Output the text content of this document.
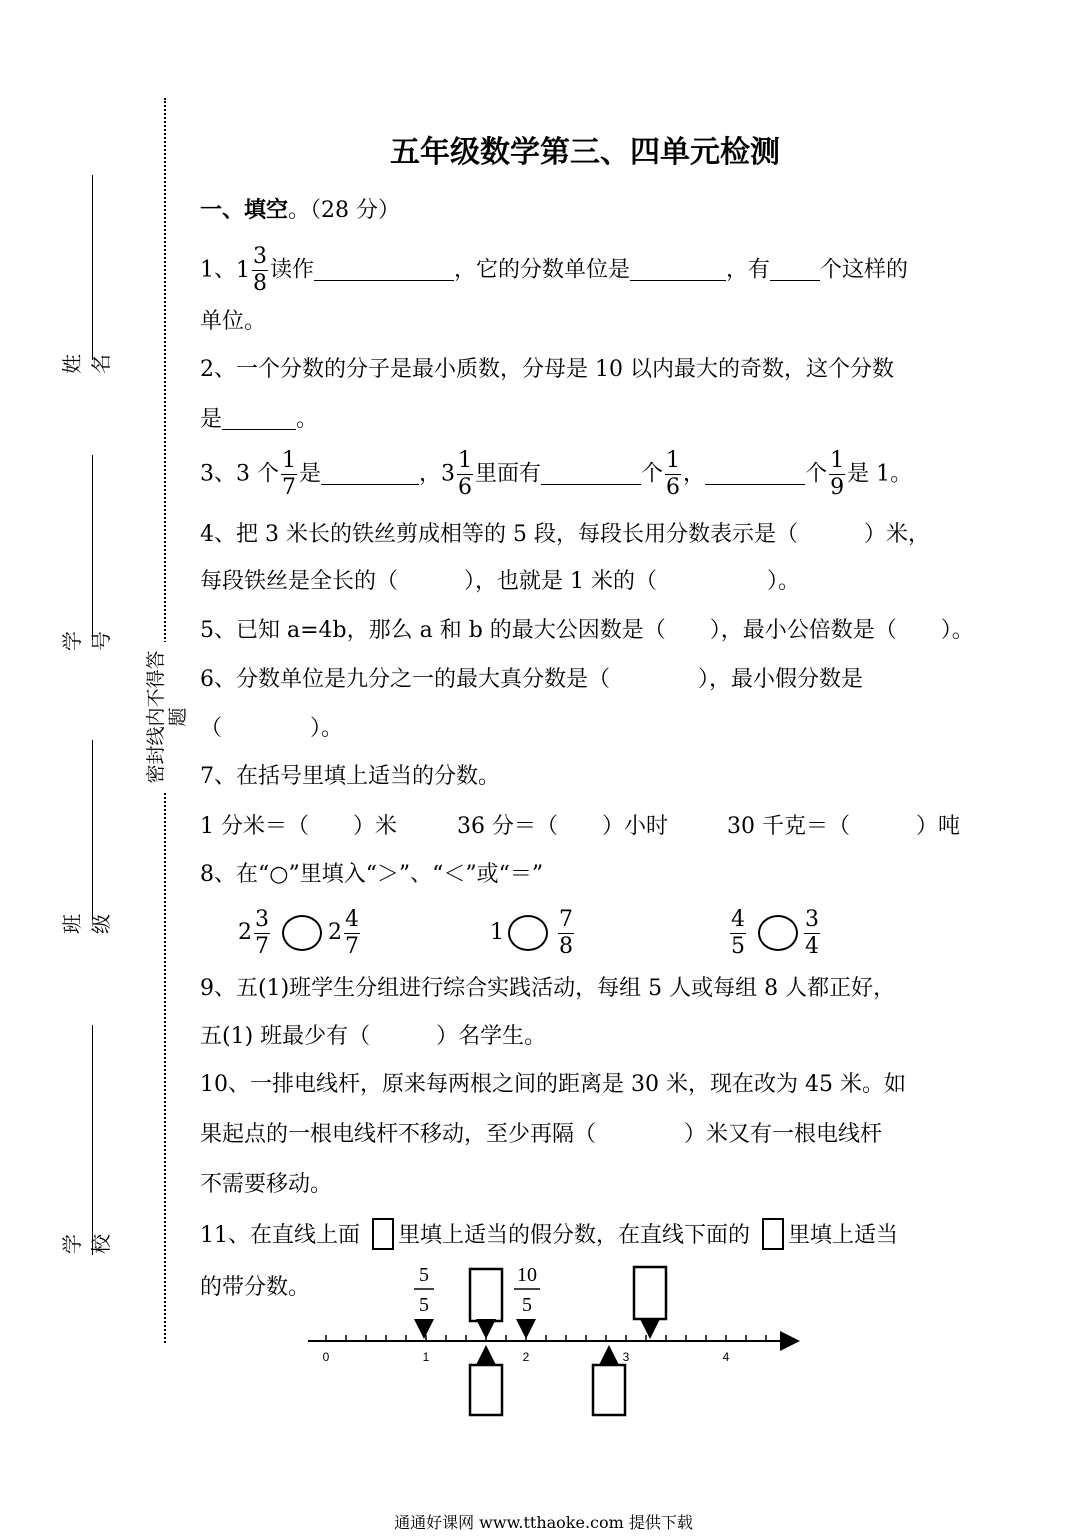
姓名
学号
班级
学校
密封线内不得答题
五年级数学第三、四单元检测
一、填空。（28 分）
1、$1 \frac{3}{8}$ 读作	，它的分数单位是	，有 个这样的
单位。
2、一个分数的分子是最小质数，分母是 10 以内最大的奇数，这个分数
是	。
3、3 个 $\frac{1}{7}$ 是	，$3 \frac{1}{6}$ 里面有	个 $\frac{1}{6}$ ，	个 $\frac{1}{9}$ 是 1。
4、把 3 米长的铁丝剪成相等的 5 段，每段长用分数表示是（　　　）米，
每段铁丝是全长的（　　　），也就是 1 米的（　　　　　）。
5、已知 a=4b，那么 a 和 b 的最大公因数是（　　），最小公倍数是（　　）。
6、分数单位是九分之一的最大真分数是（　　　　），最小假分数是
（　　　　）。
7、在括号里填上适当的分数。
1 分米＝（　　）米	36 分＝（　　）小时	30 千克＝（　　　）吨
8、在“○”里填入“＞”、“＜”或“＝”
$2 \frac{3}{7}$	$2 \frac{4}{7}$	$1 \frac{7}{8}$	$\frac{4}{5}$	$\frac{3}{4}$
9、五(1)班学生分组进行综合实践活动，每组 5 人或每组 8 人都正好，
五(1) 班最少有（　　　）名学生。
10、一排电线杆，原来每两根之间的距离是 30 米，现在改为 45 米。如
果起点的一根电线杆不移动，至少再隔（　　　　）米又有一根电线杆
不需要移动。
11、在直线上面 里填上适当的假分数，在直线下面的 里填上适当
的带分数。
0	1	2	3	4
5
5
10
5
通通好课网 www.tthaoke.com 提供下载
